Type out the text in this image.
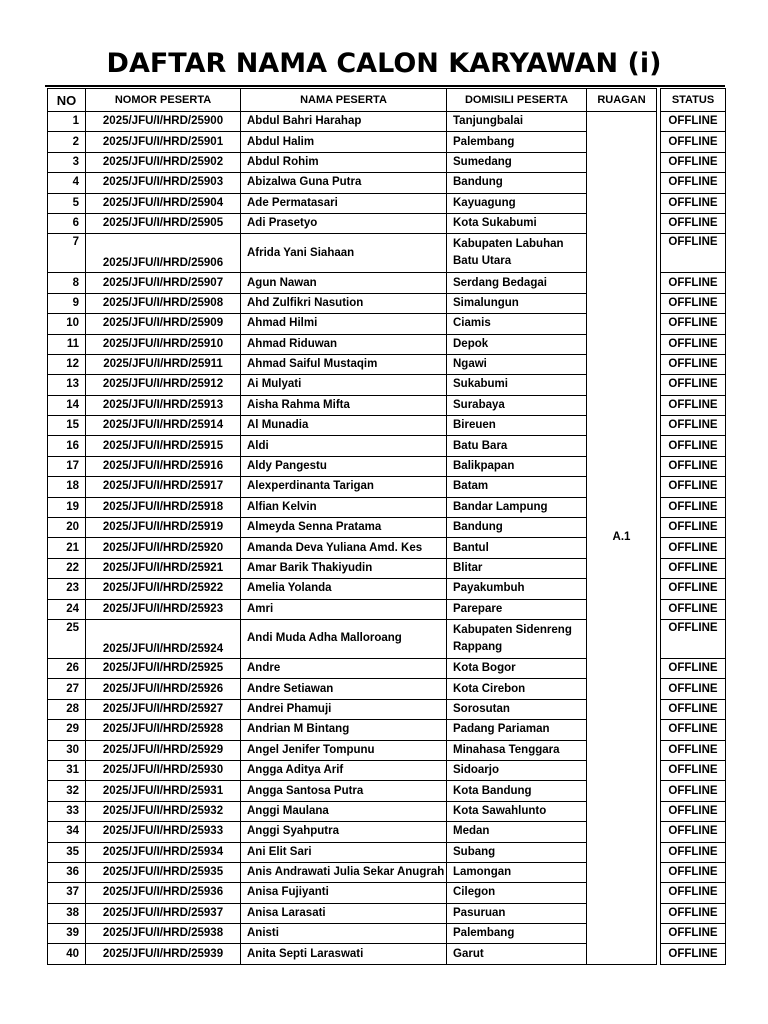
DAFTAR NAMA CALON KARYAWAN (i)
NO	NOMOR PESERTA	NAMA PESERTA	DOMISILI PESERTA	RUAGAN		STATUS
1	2025/JFU/I/HRD/25900	Abdul Bahri Harahap	Tanjungbalai	A.1		OFFLINE
2	2025/JFU/I/HRD/25901	Abdul Halim	Palembang			OFFLINE
3	2025/JFU/I/HRD/25902	Abdul Rohim	Sumedang			OFFLINE
4	2025/JFU/I/HRD/25903	Abizalwa Guna Putra	Bandung			OFFLINE
5	2025/JFU/I/HRD/25904	Ade Permatasari	Kayuagung			OFFLINE
6	2025/JFU/I/HRD/25905	Adi Prasetyo	Kota Sukabumi			OFFLINE
7	2025/JFU/I/HRD/25906	Afrida Yani Siahaan	Kabupaten Labuhan Batu Utara			OFFLINE
8	2025/JFU/I/HRD/25907	Agun Nawan	Serdang Bedagai			OFFLINE
9	2025/JFU/I/HRD/25908	Ahd Zulfikri Nasution	Simalungun			OFFLINE
10	2025/JFU/I/HRD/25909	Ahmad Hilmi	Ciamis			OFFLINE
11	2025/JFU/I/HRD/25910	Ahmad Riduwan	Depok			OFFLINE
12	2025/JFU/I/HRD/25911	Ahmad Saiful Mustaqim	Ngawi			OFFLINE
13	2025/JFU/I/HRD/25912	Ai Mulyati	Sukabumi			OFFLINE
14	2025/JFU/I/HRD/25913	Aisha Rahma Mifta	Surabaya			OFFLINE
15	2025/JFU/I/HRD/25914	Al Munadia	Bireuen			OFFLINE
16	2025/JFU/I/HRD/25915	Aldi	Batu Bara			OFFLINE
17	2025/JFU/I/HRD/25916	Aldy Pangestu	Balikpapan			OFFLINE
18	2025/JFU/I/HRD/25917	Alexperdinanta Tarigan	Batam			OFFLINE
19	2025/JFU/I/HRD/25918	Alfian Kelvin	Bandar Lampung			OFFLINE
20	2025/JFU/I/HRD/25919	Almeyda Senna Pratama	Bandung			OFFLINE
21	2025/JFU/I/HRD/25920	Amanda Deva Yuliana Amd. Kes	Bantul			OFFLINE
22	2025/JFU/I/HRD/25921	Amar Barik Thakiyudin	Blitar			OFFLINE
23	2025/JFU/I/HRD/25922	Amelia Yolanda	Payakumbuh			OFFLINE
24	2025/JFU/I/HRD/25923	Amri	Parepare			OFFLINE
25	2025/JFU/I/HRD/25924	Andi Muda Adha Malloroang	Kabupaten Sidenreng Rappang			OFFLINE
26	2025/JFU/I/HRD/25925	Andre	Kota Bogor			OFFLINE
27	2025/JFU/I/HRD/25926	Andre Setiawan	Kota Cirebon			OFFLINE
28	2025/JFU/I/HRD/25927	Andrei Phamuji	Sorosutan			OFFLINE
29	2025/JFU/I/HRD/25928	Andrian M Bintang	Padang Pariaman			OFFLINE
30	2025/JFU/I/HRD/25929	Angel Jenifer Tompunu	Minahasa Tenggara			OFFLINE
31	2025/JFU/I/HRD/25930	Angga Aditya Arif	Sidoarjo			OFFLINE
32	2025/JFU/I/HRD/25931	Angga Santosa Putra	Kota Bandung			OFFLINE
33	2025/JFU/I/HRD/25932	Anggi Maulana	Kota Sawahlunto			OFFLINE
34	2025/JFU/I/HRD/25933	Anggi Syahputra	Medan			OFFLINE
35	2025/JFU/I/HRD/25934	Ani Elit Sari	Subang			OFFLINE
36	2025/JFU/I/HRD/25935	Anis Andrawati Julia Sekar Anugrah	Lamongan			OFFLINE
37	2025/JFU/I/HRD/25936	Anisa Fujiyanti	Cilegon			OFFLINE
38	2025/JFU/I/HRD/25937	Anisa Larasati	Pasuruan			OFFLINE
39	2025/JFU/I/HRD/25938	Anisti	Palembang			OFFLINE
40	2025/JFU/I/HRD/25939	Anita Septi Laraswati	Garut			OFFLINE
